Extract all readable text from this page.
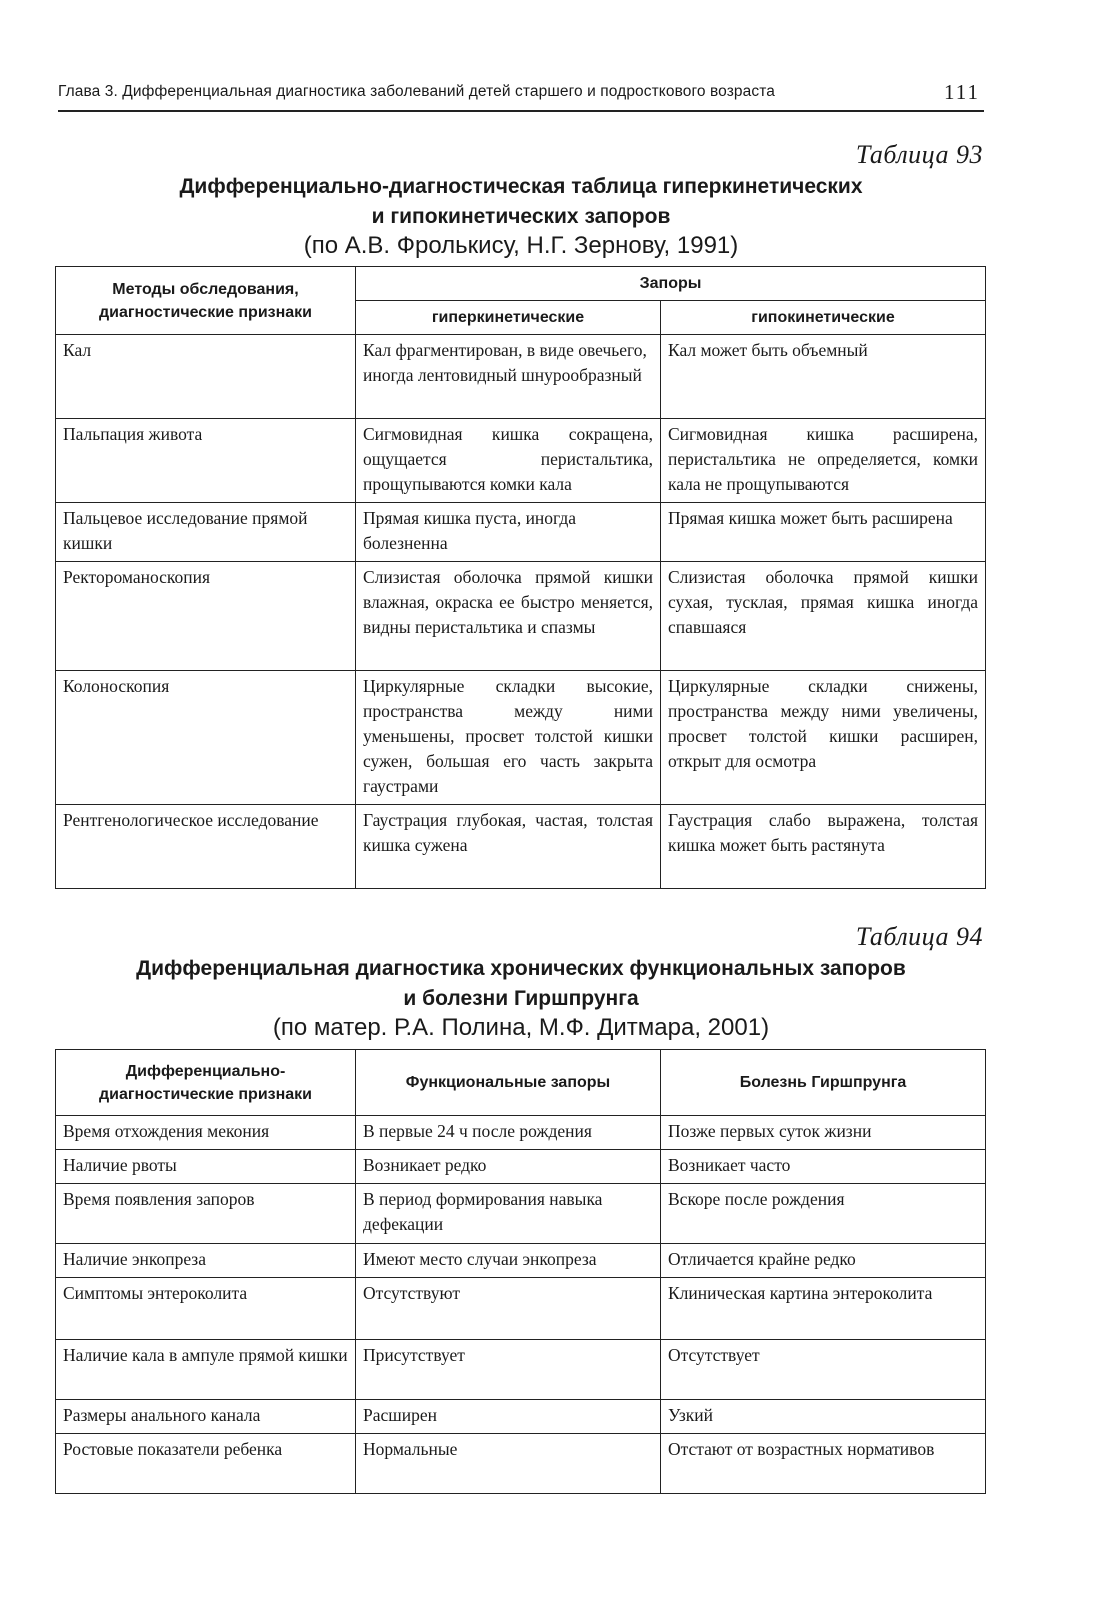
Глава 3. Дифференциальная диагностика заболеваний детей старшего и подросткового возраста	111
Таблица 93
Дифференциально-диагностическая таблица гиперкинетических
и гипокинетических запоров
(по А.В. Фролькису, Н.Г. Зернову, 1991)
Методы обследования, диагностические признаки	Запоры	
	гиперкинетические	гипокинетические
Кал	Кал фрагментирован, в виде овечьего, иногда лентовидный шнурообразный	Кал может быть объемный
Пальпация живота	Сигмовидная кишка сокращена, ощущается перистальтика, прощупываются комки кала	Сигмовидная кишка расширена, перистальтика не определяется, комки кала не прощупываются
Пальцевое исследование прямой кишки	Прямая кишка пуста, иногда болезненна	Прямая кишка может быть расширена
Ректороманоскопия	Слизистая оболочка прямой кишки влажная, окраска ее быстро меняется, видны перистальтика и спазмы	Слизистая оболочка прямой кишки сухая, тусклая, прямая кишка иногда спавшаяся
Колоноскопия	Циркулярные складки высокие, пространства между ними уменьшены, просвет толстой кишки сужен, большая его часть закрыта гаустрами	Циркулярные складки снижены, пространства между ними увеличены, просвет толстой кишки расширен, открыт для осмотра
Рентгенологическое исследование	Гаустрация глубокая, частая, толстая кишка сужена	Гаустрация слабо выражена, толстая кишка может быть растянута
Таблица 94
Дифференциальная диагностика хронических функциональных запоров
и болезни Гиршпрунга
(по матер. Р.А. Полина, М.Ф. Дитмара, 2001)
Дифференциально-диагностические признаки	Функциональные запоры	Болезнь Гиршпрунга
Время отхождения мекония	В первые 24 ч после рождения	Позже первых суток жизни
Наличие рвоты	Возникает редко	Возникает часто
Время появления запоров	В период формирования навыка дефекации	Вскоре после рождения
Наличие энкопреза	Имеют место случаи энкопреза	Отличается крайне редко
Симптомы энтероколита	Отсутствуют	Клиническая картина энтероколита
Наличие кала в ампуле прямой кишки	Присутствует	Отсутствует
Размеры анального канала	Расширен	Узкий
Ростовые показатели ребенка	Нормальные	Отстают от возрастных нормативов
